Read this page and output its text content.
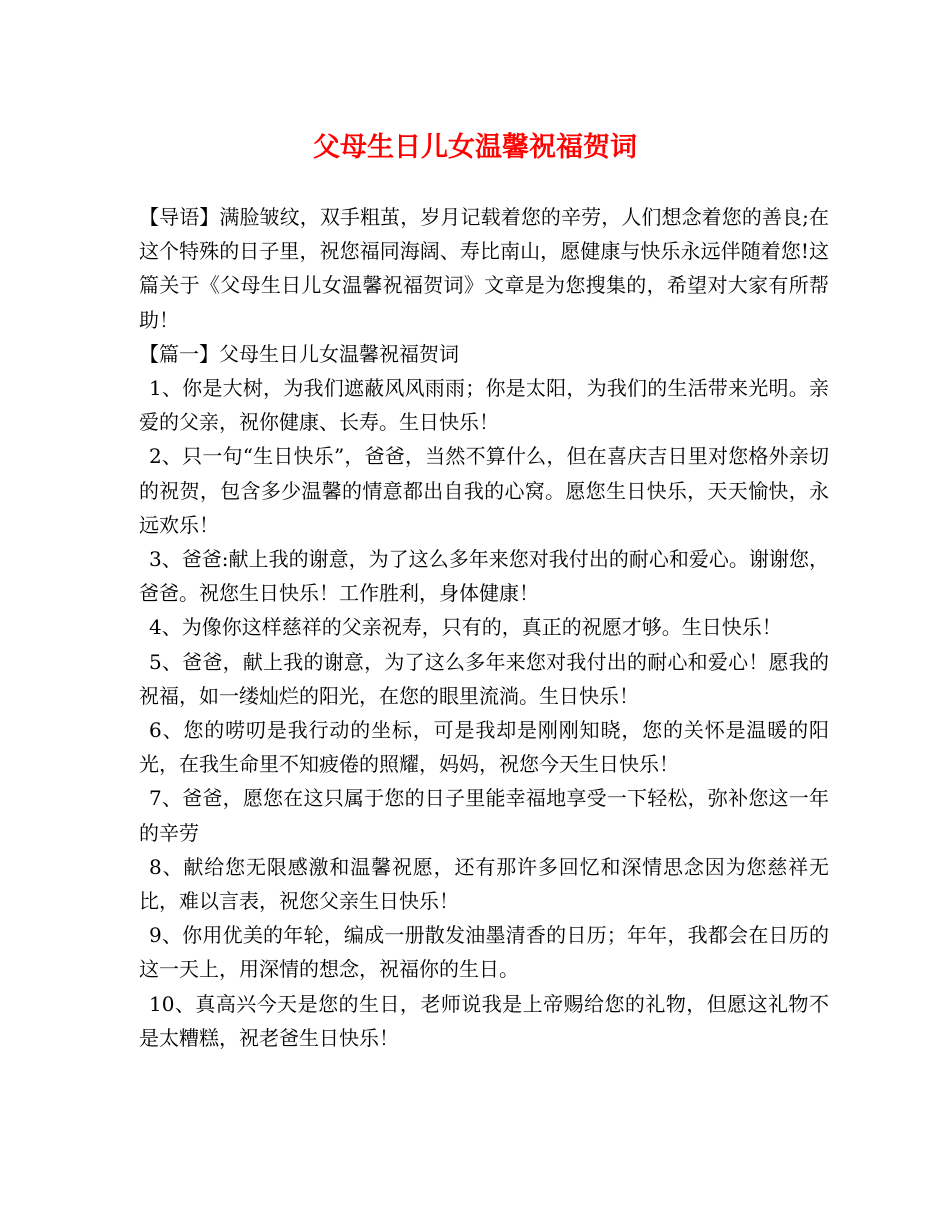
父母生日儿女温馨祝福贺词

【导语】满脸皱纹，双手粗茧，岁月记载着您的辛劳，人们想念着您的善良;在这个特殊的日子里，祝您福同海阔、寿比南山，愿健康与快乐永远伴随着您!这篇关于《父母生日儿女温馨祝福贺词》文章是为您搜集的，希望对大家有所帮助！

【篇一】父母生日儿女温馨祝福贺词

1、你是大树，为我们遮蔽风风雨雨；你是太阳，为我们的生活带来光明。亲爱的父亲，祝你健康、长寿。生日快乐！

2、只一句“生日快乐”，爸爸，当然不算什么，但在喜庆吉日里对您格外亲切的祝贺，包含多少温馨的情意都出自我的心窝。愿您生日快乐，天天愉快，永远欢乐！

3、爸爸:献上我的谢意，为了这么多年来您对我付出的耐心和爱心。谢谢您，爸爸。祝您生日快乐！工作胜利，身体健康！

4、为像你这样慈祥的父亲祝寿，只有的，真正的祝愿才够。生日快乐！

5、爸爸，献上我的谢意，为了这么多年来您对我付出的耐心和爱心！愿我的祝福，如一缕灿烂的阳光，在您的眼里流淌。生日快乐！

6、您的唠叨是我行动的坐标，可是我却是刚刚知晓，您的关怀是温暖的阳光，在我生命里不知疲倦的照耀，妈妈，祝您今天生日快乐！

7、爸爸，愿您在这只属于您的日子里能幸福地享受一下轻松，弥补您这一年的辛劳

8、献给您无限感激和温馨祝愿，还有那许多回忆和深情思念因为您慈祥无比，难以言表，祝您父亲生日快乐！

9、你用优美的年轮，编成一册散发油墨清香的日历；年年，我都会在日历的这一天上，用深情的想念，祝福你的生日。

10、真高兴今天是您的生日，老师说我是上帝赐给您的礼物，但愿这礼物不是太糟糕，祝老爸生日快乐！
